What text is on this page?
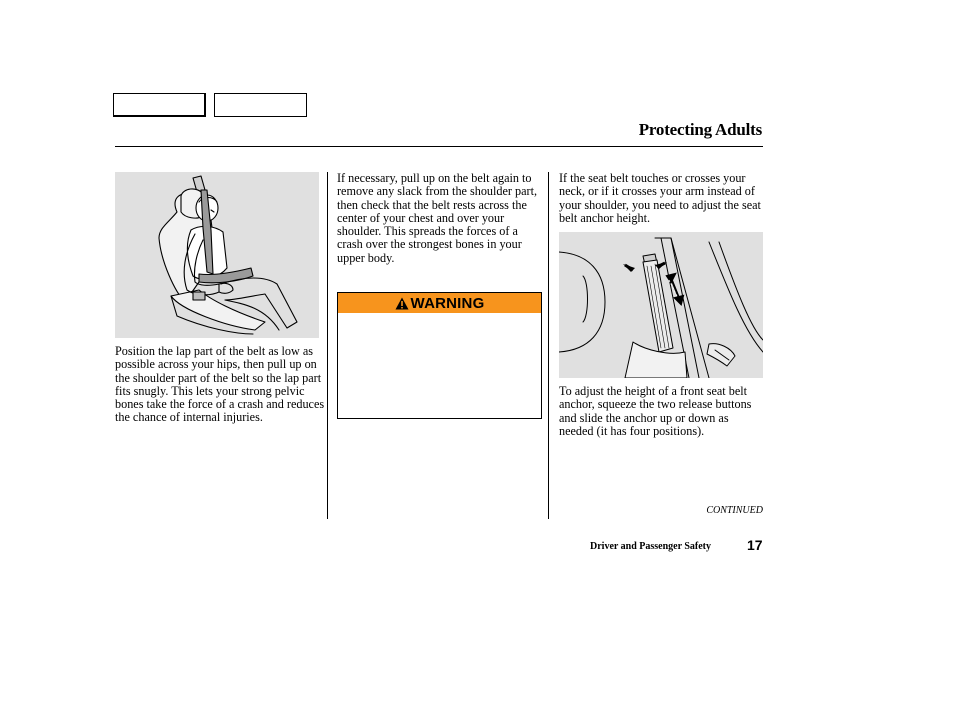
Protecting Adults

Position the lap part of the belt as low as possible across your hips, then pull up on the shoulder part of the belt so the lap part fits snugly. This lets your strong pelvic bones take the force of a crash and reduces the chance of internal injuries.

If necessary, pull up on the belt again to remove any slack from the shoulder part, then check that the belt rests across the center of your chest and over your shoulder. This spreads the forces of a crash over the strongest bones in your upper body.

WARNING

If the seat belt touches or crosses your neck, or if it crosses your arm instead of your shoulder, you need to adjust the seat belt anchor height.

To adjust the height of a front seat belt anchor, squeeze the two release buttons and slide the anchor up or down as needed (it has four positions).

CONTINUED
Driver and Passenger Safety	17
